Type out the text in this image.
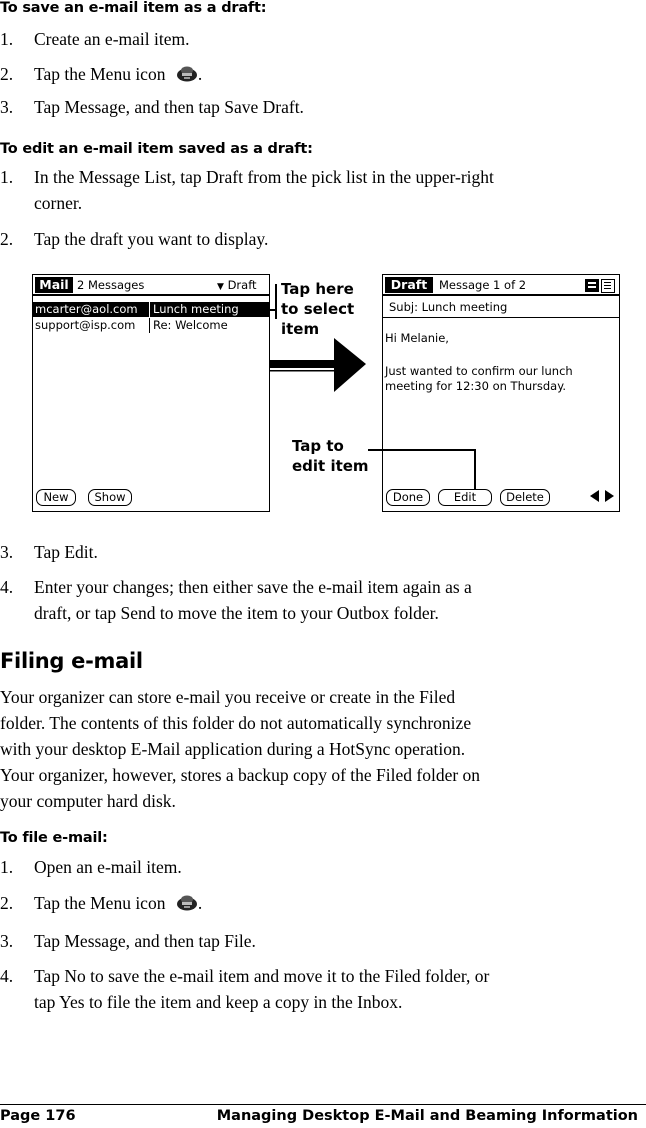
To save an e-mail item as a draft:
1. Create an e-mail item.
2. Tap the Menu icon .
3. Tap Message, and then tap Save Draft.
To edit an e-mail item saved as a draft:
1. In the Message List, tap Draft from the pick list in the upper-right
corner.
2. Tap the draft you want to display.
Mail 2 Messages	▼ Draft
mcarter@aol.com Lunch meeting
support@isp.com Re: Welcome
New	Show
Tap here
to select
item
Tap to
edit item
Draft	Message 1 of 2
Subj: Lunch meeting
Hi Melanie,
Just wanted to confirm our lunch
meeting for 12:30 on Thursday.
Done	Edit	Delete
3. Tap Edit.
4. Enter your changes; then either save the e-mail item again as a
draft, or tap Send to move the item to your Outbox folder.
Filing e-mail
Your organizer can store e-mail you receive or create in the Filed
folder. The contents of this folder do not automatically synchronize
with your desktop E-Mail application during a HotSync operation.
Your organizer, however, stores a backup copy of the Filed folder on
your computer hard disk.
To file e-mail:
1. Open an e-mail item.
2. Tap the Menu icon .
3. Tap Message, and then tap File.
4. Tap No to save the e-mail item and move it to the Filed folder, or
tap Yes to file the item and keep a copy in the Inbox.
Page 176	Managing Desktop E-Mail and Beaming Information
